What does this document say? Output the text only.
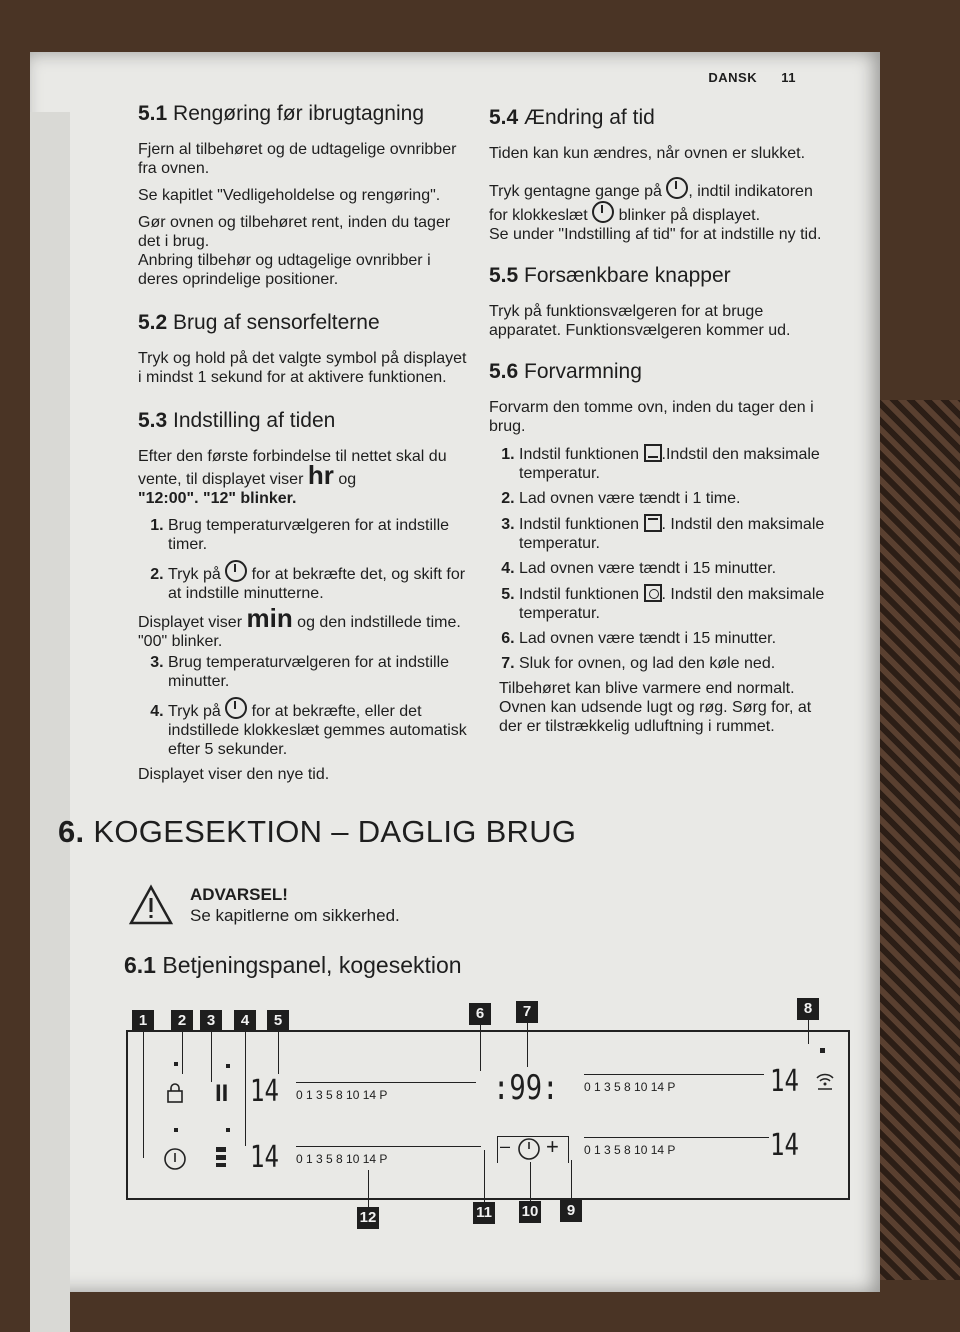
DANSK 11
5.1 Rengøring før ibrugtagning

Fjern al tilbehøret og de udtagelige ovnribber fra ovnen.

Se kapitlet "Vedligeholdelse og rengøring".

Gør ovnen og tilbehøret rent, inden du tager det i brug.

Anbring tilbehør og udtagelige ovnribber i deres oprindelige positioner.

5.2 Brug af sensorfelterne

Tryk og hold på det valgte symbol på displayet i mindst 1 sekund for at aktivere funktionen.

5.3 Indstilling af tiden

Efter den første forbindelse til nettet skal du vente, til displayet viser hr og
"12:00". "12" blinker.

1. Brug temperaturvælgeren for at indstille timer.
2. Tryk på for at bekræfte det, og skift for at indstille minutterne.

Displayet viser min og den indstillede time. "00" blinker.

3. Brug temperaturvælgeren for at indstille minutter.
4. Tryk på for at bekræfte, eller det indstillede klokkeslæt gemmes automatisk efter 5 sekunder.

Displayet viser den nye tid.

5.4 Ændring af tid

Tiden kan kun ændres, når ovnen er slukket.

Tryk gentagne gange på , indtil indikatoren for klokkeslæt blinker på displayet.

Se under "Indstilling af tid" for at indstille ny tid.

5.5 Forsænkbare knapper

Tryk på funktionsvælgeren for at bruge apparatet. Funktionsvælgeren kommer ud.

5.6 Forvarmning

Forvarm den tomme ovn, inden du tager den i brug.

1. Indstil funktionen .Indstil den maksimale temperatur.
2. Lad ovnen være tændt i 1 time.
3. Indstil funktionen . Indstil den maksimale temperatur.
4. Lad ovnen være tændt i 15 minutter.
5. Indstil funktionen . Indstil den maksimale temperatur.
6. Lad ovnen være tændt i 15 minutter.
7. Sluk for ovnen, og lad den køle ned.

Tilbehøret kan blive varmere end normalt. Ovnen kan udsende lugt og røg. Sørg for, at der er tilstrækkelig udluftning i rummet.

6. KOGESEKTION – DAGLIG BRUG
ADVARSEL!
Se kapitlerne om sikkerhed.
6.1 Betjeningspanel, kogesektion
1	2	3	4	5	6	7	8
9
10
11
12
II 14
14
14
14
:99:
0 1 3 5 8 10 14 P
0 1 3 5 8 10 14 P
0 1 3 5 8 10 14 P
0 1 3 5 8 10 14 P
– +
